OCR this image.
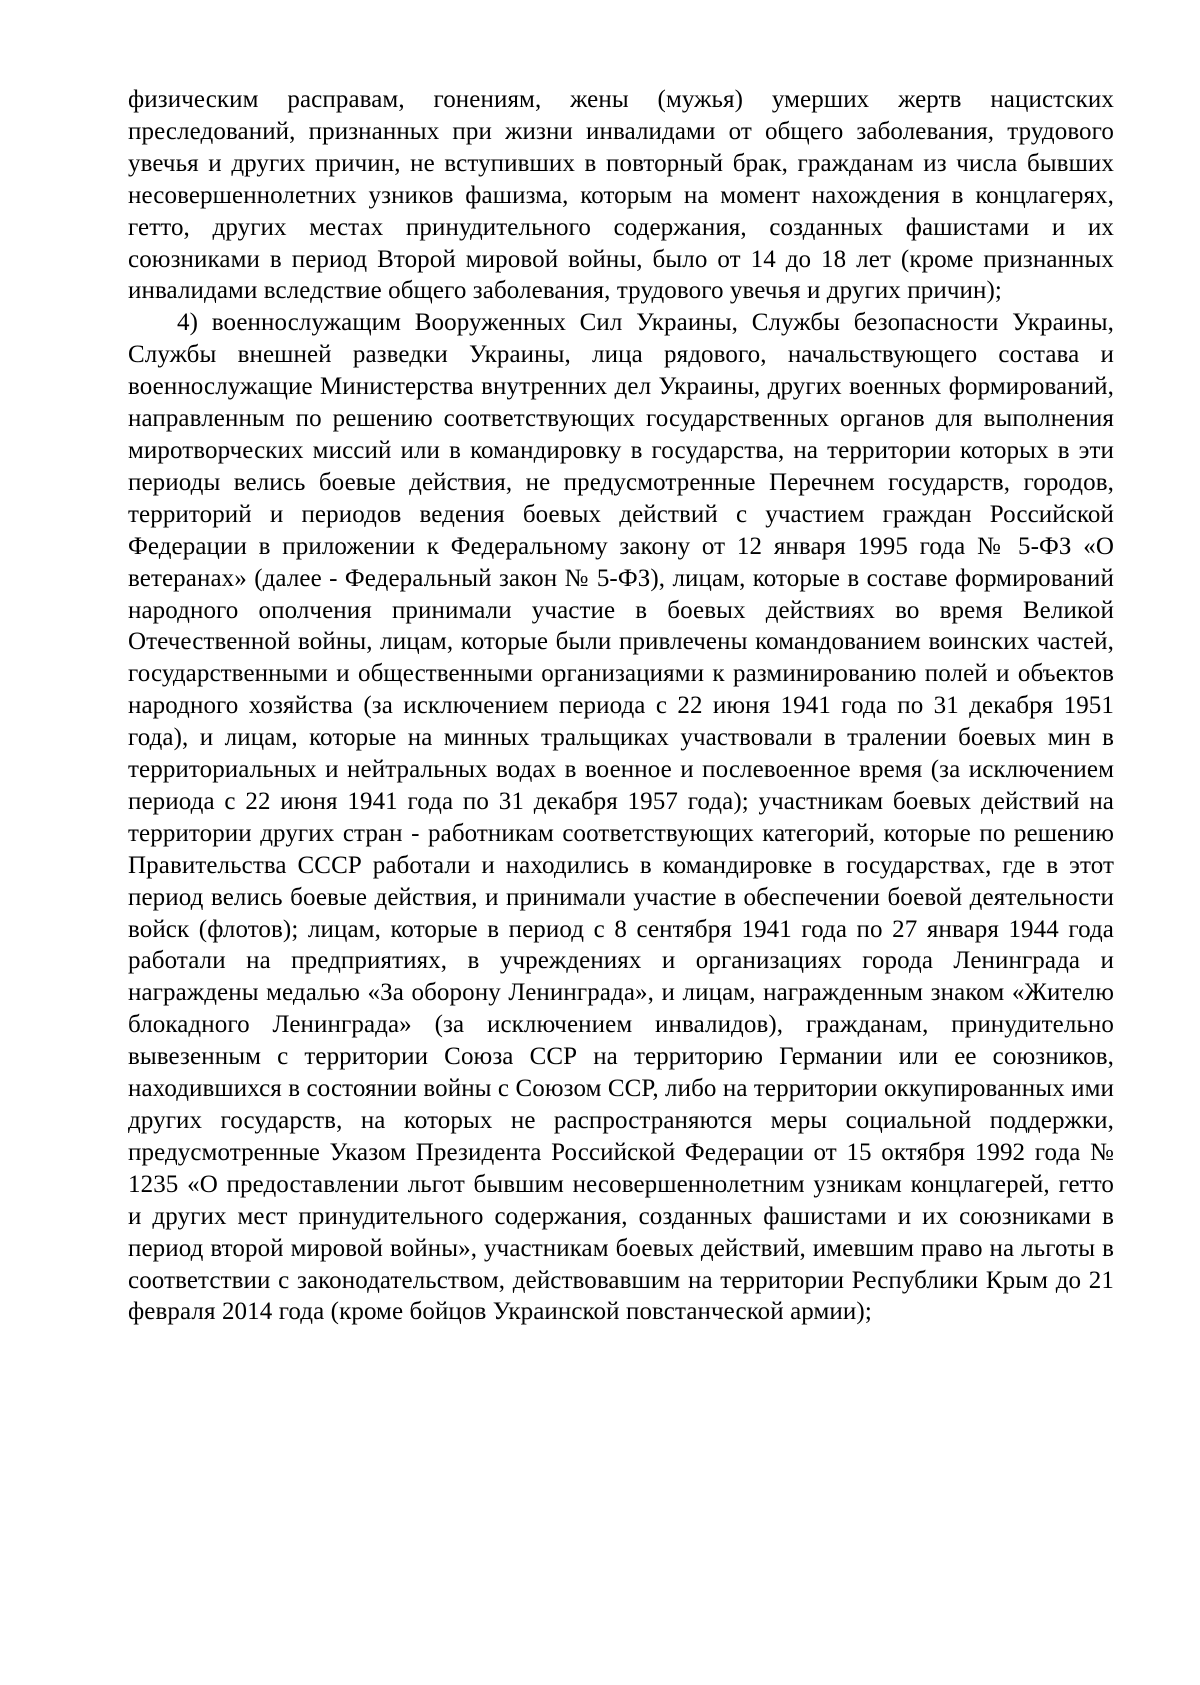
физическим расправам, гонениям, жены (мужья) умерших жертв нацистских преследований, признанных при жизни инвалидами от общего заболевания, трудового увечья и других причин, не вступивших в повторный брак, гражданам из числа бывших несовершеннолетних узников фашизма, которым на момент нахождения в концлагерях, гетто, других местах принудительного содержания, созданных фашистами и их союзниками в период Второй мировой войны, было от 14 до 18 лет (кроме признанных инвалидами вследствие общего заболевания, трудового увечья и других причин);

4) военнослужащим Вооруженных Сил Украины, Службы безопасности Украины, Службы внешней разведки Украины, лица рядового, начальствующего состава и военнослужащие Министерства внутренних дел Украины, других военных формирований, направленным по решению соответствующих государственных органов для выполнения миротворческих миссий или в командировку в государства, на территории которых в эти периоды велись боевые действия, не предусмотренные Перечнем государств, городов, территорий и периодов ведения боевых действий с участием граждан Российской Федерации в приложении к Федеральному закону от 12 января 1995 года № 5-ФЗ «О ветеранах» (далее - Федеральный закон № 5-ФЗ), лицам, которые в составе формирований народного ополчения принимали участие в боевых действиях во время Великой Отечественной войны, лицам, которые были привлечены командованием воинских частей, государственными и общественными организациями к разминированию полей и объектов народного хозяйства (за исключением периода с 22 июня 1941 года по 31 декабря 1951 года), и лицам, которые на минных тральщиках участвовали в тралении боевых мин в территориальных и нейтральных водах в военное и послевоенное время (за исключением периода с 22 июня 1941 года по 31 декабря 1957 года); участникам боевых действий на территории других стран - работникам соответствующих категорий, которые по решению Правительства СССР работали и находились в командировке в государствах, где в этот период велись боевые действия, и принимали участие в обеспечении боевой деятельности войск (флотов); лицам, которые в период с 8 сентября 1941 года по 27 января 1944 года работали на предприятиях, в учреждениях и организациях города Ленинграда и награждены медалью «За оборону Ленинграда», и лицам, награжденным знаком «Жителю блокадного Ленинграда» (за исключением инвалидов), гражданам, принудительно вывезенным с территории Союза ССР на территорию Германии или ее союзников, находившихся в состоянии войны с Союзом ССР, либо на территории оккупированных ими других государств, на которых не распространяются меры социальной поддержки, предусмотренные Указом Президента Российской Федерации от 15 октября 1992 года № 1235 «О предоставлении льгот бывшим несовершеннолетним узникам концлагерей, гетто и других мест принудительного содержания, созданных фашистами и их союзниками в период второй мировой войны», участникам боевых действий, имевшим право на льготы в соответствии с законодательством, действовавшим на территории Республики Крым до 21 февраля 2014 года (кроме бойцов Украинской повстанческой армии);
